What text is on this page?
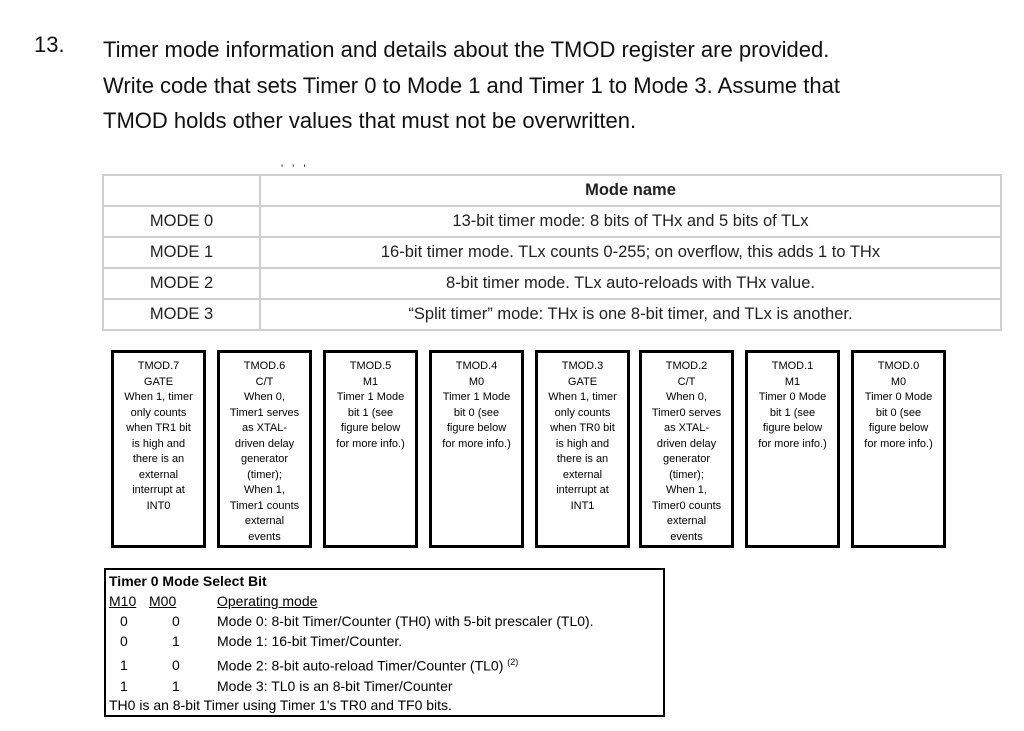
13. Timer mode information and details about the TMOD register are provided.
Write code that sets Timer 0 to Mode 1 and Timer 1 to Mode 3. Assume that
TMOD holds other values that must not be overwritten.
' ' '
	Mode name
MODE 0	13-bit timer mode: 8 bits of THx and 5 bits of TLx
MODE 1	16-bit timer mode. TLx counts 0-255; on overflow, this adds 1 to THx
MODE 2	8-bit timer mode. TLx auto-reloads with THx value.
MODE 3	“Split timer” mode: THx is one 8-bit timer, and TLx is another.
TMOD.7
GATE
When 1, timer
only counts
when TR1 bit
is high and
there is an
external
interrupt at
INT0
TMOD.6
C/T
When 0,
Timer1 serves
as XTAL-
driven delay
generator
(timer);
When 1,
Timer1 counts
external
events
TMOD.5
M1
Timer 1 Mode
bit 1 (see
figure below
for more info.)
TMOD.4
M0
Timer 1 Mode
bit 0 (see
figure below
for more info.)
TMOD.3
GATE
When 1, timer
only counts
when TR0 bit
is high and
there is an
external
interrupt at
INT1
TMOD.2
C/T
When 0,
Timer0 serves
as XTAL-
driven delay
generator
(timer);
When 1,
Timer0 counts
external
events
TMOD.1
M1
Timer 0 Mode
bit 1 (see
figure below
for more info.)
TMOD.0
M0
Timer 0 Mode
bit 0 (see
figure below
for more info.)
Timer 0 Mode Select Bit
M10 M00	Operating mode
0	0	Mode 0: 8-bit Timer/Counter (TH0) with 5-bit prescaler (TL0).
0	1	Mode 1: 16-bit Timer/Counter.
1	0	Mode 2: 8-bit auto-reload Timer/Counter (TL0) $^{(2)}$
1	1	Mode 3: TL0 is an 8-bit Timer/Counter
TH0 is an 8-bit Timer using Timer 1's TR0 and TF0 bits.
